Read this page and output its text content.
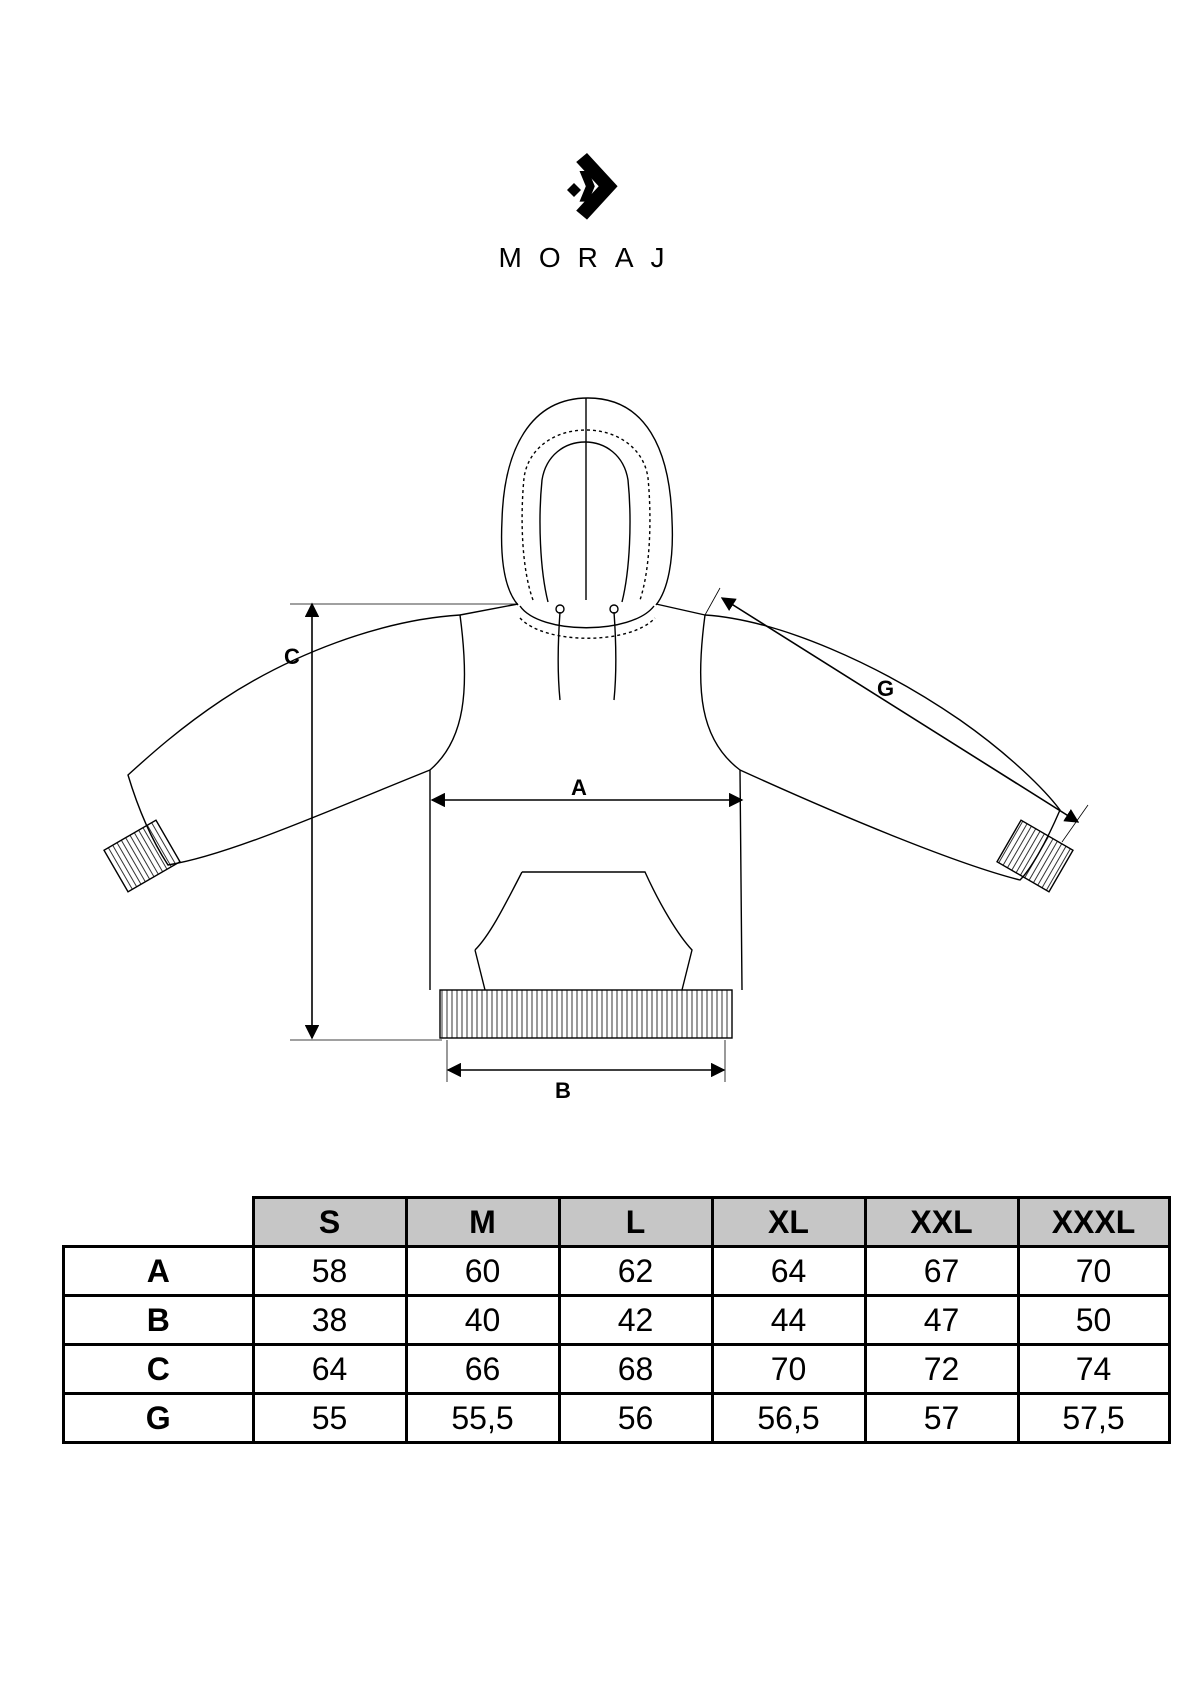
MORAJ
A
B
C
G
	S	M	L	XL	XXL	XXXL
A	58	60	62	64	67	70
B	38	40	42	44	47	50
C	64	66	68	70	72	74
G	55	55,5	56	56,5	57	57,5
